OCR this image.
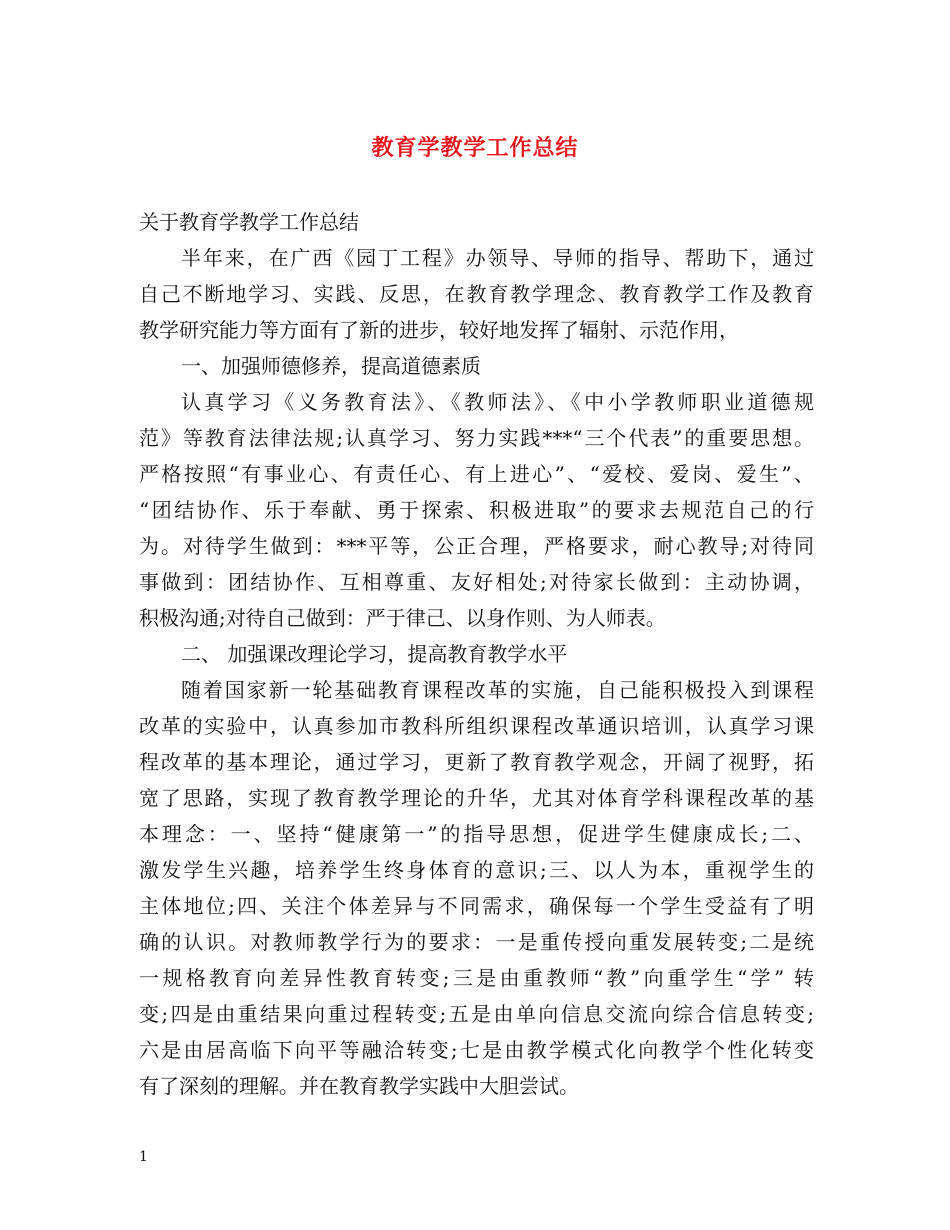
教育学教学工作总结
关于教育学教学工作总结
半年来，在广西《园丁工程》办领导、导师的指导、帮助下，通过
自己不断地学习、实践、反思，在教育教学理念、教育教学工作及教育
教学研究能力等方面有了新的进步，较好地发挥了辐射、示范作用，
一、加强师德修养，提高道德素质
认真学习《义务教育法》、《教师法》、《中小学教师职业道德规
范》等教育法律法规;认真学习、努力实践***“三个代表”的重要思想。
严格按照“有事业心、有责任心、有上进心”、“爱校、爱岗、爱生”、
“团结协作、乐于奉献、勇于探索、积极进取”的要求去规范自己的行
为。对待学生做到：***平等，公正合理，严格要求，耐心教导;对待同
事做到：团结协作、互相尊重、友好相处;对待家长做到：主动协调，
积极沟通;对待自己做到：严于律己、以身作则、为人师表。
二、 加强课改理论学习，提高教育教学水平
随着国家新一轮基础教育课程改革的实施，自己能积极投入到课程
改革的实验中，认真参加市教科所组织课程改革通识培训，认真学习课
程改革的基本理论，通过学习，更新了教育教学观念，开阔了视野，拓
宽了思路，实现了教育教学理论的升华，尤其对体育学科课程改革的基
本理念：一、坚持“健康第一”的指导思想，促进学生健康成长;二、
激发学生兴趣，培养学生终身体育的意识;三、以人为本，重视学生的
主体地位;四、关注个体差异与不同需求，确保每一个学生受益有了明
确的认识。对教师教学行为的要求：一是重传授向重发展转变;二是统
一规格教育向差异性教育转变;三是由重教师“教”向重学生“学” 转
变;四是由重结果向重过程转变;五是由单向信息交流向综合信息转变;
六是由居高临下向平等融洽转变;七是由教学模式化向教学个性化转变
有了深刻的理解。并在教育教学实践中大胆尝试。
1
